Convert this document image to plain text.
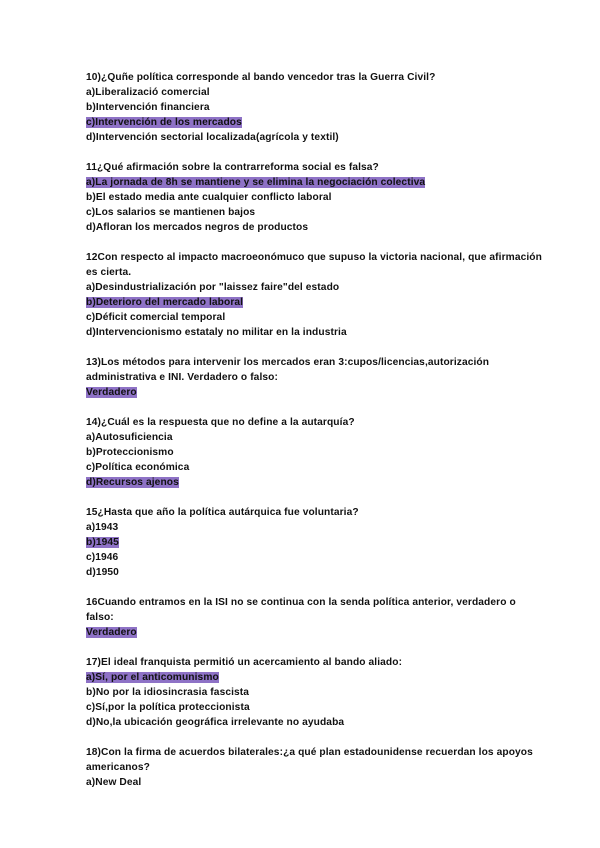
10)¿Quñe política corresponde al bando vencedor tras la Guerra Civil?
a)Liberalizació comercial
b)Intervención financiera
c)Intervención de los mercados
d)Intervención sectorial localizada(agrícola y textil)
11¿Qué afirmación sobre la contrarreforma social es falsa?
a)La jornada de 8h se mantiene y se elimina la negociación colectiva
b)El estado media ante cualquier conflicto laboral
c)Los salarios se mantienen bajos
d)Afloran los mercados negros de productos
12Con respecto al impacto macroeonómuco que supuso la victoria nacional, que afirmación es cierta.
a)Desindustrialización por "laissez faire"del estado
b)Deterioro del mercado laboral
c)Déficit comercial temporal
d)Intervencionismo estataly no militar en la industria
13)Los métodos para intervenir los mercados eran 3:cupos/licencias,autorización administrativa e INI. Verdadero o falso:
Verdadero
14)¿Cuál es la respuesta que no define a la autarquía?
a)Autosuficiencia
b)Proteccionismo
c)Política económica
d)Recursos ajenos
15¿Hasta que año la política autárquica fue voluntaria?
a)1943
b)1945
c)1946
d)1950
16Cuando entramos en la ISI no se continua con la senda política anterior, verdadero o falso:
Verdadero
17)El ideal franquista permitió un acercamiento al bando aliado:
a)Sí, por el anticomunismo
b)No por la idiosincrasia fascista
c)Sí,por la política proteccionista
d)No,la ubicación geográfica irrelevante no ayudaba
18)Con la firma de acuerdos bilaterales:¿a qué plan estadounidense recuerdan los apoyos americanos?
a)New Deal
